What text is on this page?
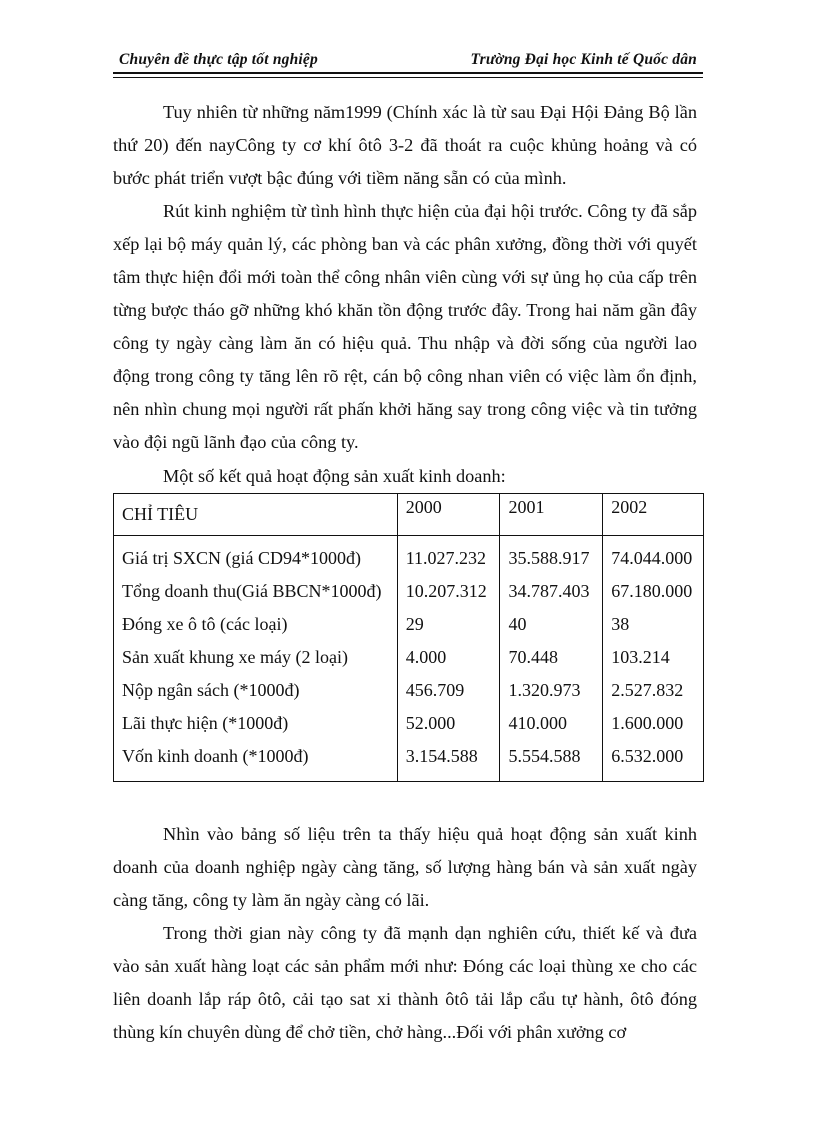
Chuyên đề thực tập tốt nghiệp	Trường Đại học Kinh tế Quốc dân

Tuy nhiên từ những năm1999 (Chính xác là từ sau Đại Hội Đảng Bộ lần thứ 20) đến nayCông ty cơ khí ôtô 3-2 đã thoát ra cuộc khủng hoảng và có bước phát triển vượt bậc đúng với tiềm năng sẵn có của mình.

Rút kinh nghiệm từ tình hình thực hiện của đại hội trước. Công ty đã sắp xếp lại bộ máy quản lý, các phòng ban và các phân xưởng, đồng thời với quyết tâm thực hiện đổi mới toàn thể công nhân viên cùng với sự ủng họ của cấp trên từng bược tháo gỡ những khó khăn tồn động trước đây. Trong hai năm gần đây công ty ngày càng làm ăn có hiệu quả. Thu nhập và đời sống của người lao động trong công ty tăng lên rõ rệt, cán bộ công nhan viên có việc làm ổn định, nên nhìn chung mọi người rất phấn khởi hăng say trong công việc và tin tưởng vào đội ngũ lãnh đạo của công ty.

Một số kết quả hoạt động sản xuất kinh doanh:
CHỈ TIÊU	2000	2001	2002
Giá trị SXCN (giá CD94*1000đ)	11.027.232	35.588.917	74.044.000
Tổng doanh thu(Giá BBCN*1000đ)	10.207.312	34.787.403	67.180.000
Đóng xe ô tô (các loại)	29	40	38
Sản xuất khung xe máy (2 loại)	4.000	70.448	103.214
Nộp ngân sách (*1000đ)	456.709	1.320.973	2.527.832
Lãi thực hiện (*1000đ)	52.000	410.000	1.600.000
Vốn kinh doanh (*1000đ)	3.154.588	5.554.588	6.532.000

Nhìn vào bảng số liệu trên ta thấy hiệu quả hoạt động sản xuất kinh doanh của doanh nghiệp ngày càng tăng, số lượng hàng bán và sản xuất ngày càng tăng, công ty làm ăn ngày càng có lãi.

Trong thời gian này công ty đã mạnh dạn nghiên cứu, thiết kế và đưa vào sản xuất hàng loạt các sản phẩm mới như: Đóng các loại thùng xe cho các liên doanh lắp ráp ôtô, cải tạo sat xi thành ôtô tải lắp cẩu tự hành, ôtô đóng thùng kín chuyên dùng để chở tiền, chở hàng...Đối với phân xưởng cơ
